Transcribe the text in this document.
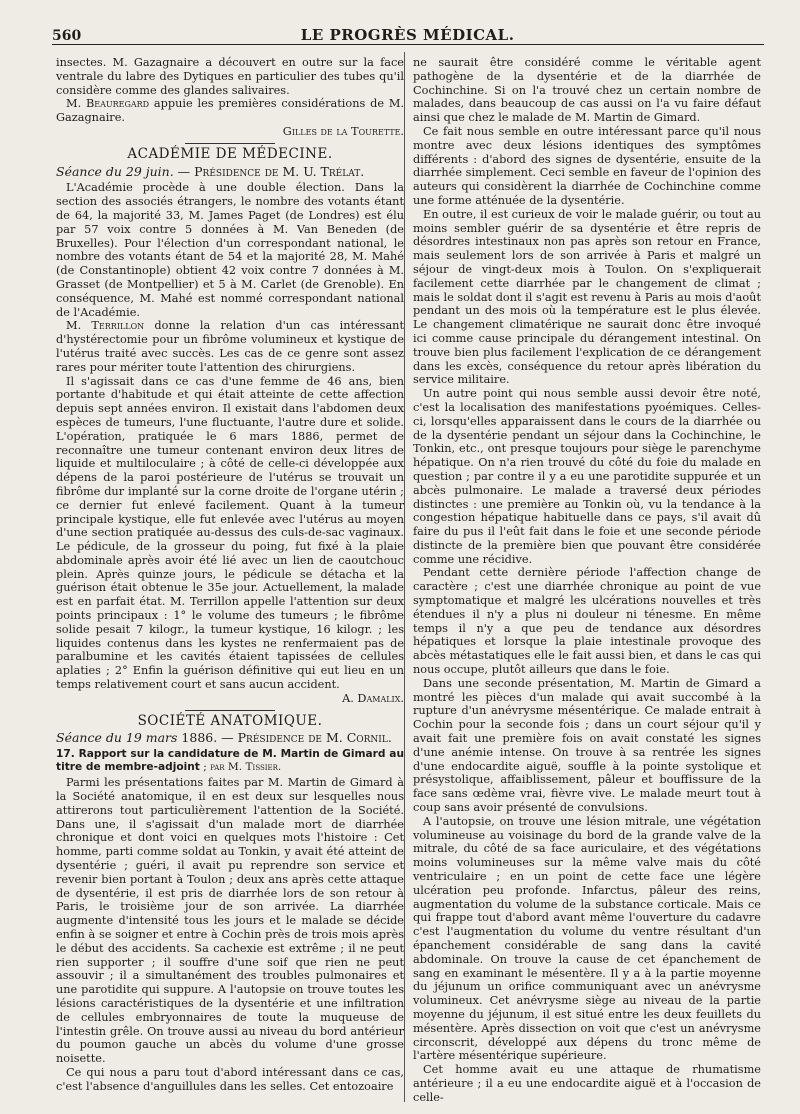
560	LE PROGRÈS MÉDICAL.

insectes. M. Gazagnaire a découvert en outre sur la face ventrale du labre des Dytiques en particulier des tubes qu'il considère comme des glandes salivaires.

M. Beauregard appuie les premières considérations de M. Gazagnaire.

Gilles de la Tourette.
ACADÉMIE DE MÉDECINE.

Séance du 29 juin. — Présidence de M. U. Trélat.

L'Académie procède à une double élection. Dans la section des associés étrangers, le nombre des votants étant de 64, la majorité 33, M. James Paget (de Londres) est élu par 57 voix contre 5 données à M. Van Beneden (de Bruxelles). Pour l'élection d'un correspondant national, le nombre des votants étant de 54 et la majorité 28, M. Mahé (de Constantinople) obtient 42 voix contre 7 données à M. Grasset (de Montpellier) et 5 à M. Carlet (de Grenoble). En conséquence, M. Mahé est nommé correspondant national de l'Académie.

M. Terrillon donne la relation d'un cas intéressant d'hystérectomie pour un fibrôme volumineux et kystique de l'utérus traité avec succès. Les cas de ce genre sont assez rares pour mériter toute l'attention des chirurgiens.

Il s'agissait dans ce cas d'une femme de 46 ans, bien portante d'habitude et qui était atteinte de cette affection depuis sept années environ. Il existait dans l'abdomen deux espèces de tumeurs, l'une fluctuante, l'autre dure et solide. L'opération, pratiquée le 6 mars 1886, permet de reconnaître une tumeur contenant environ deux litres de liquide et multiloculaire ; à côté de celle-ci développée aux dépens de la paroi postérieure de l'utérus se trouvait un fibrôme dur implanté sur la corne droite de l'organe utérin ; ce dernier fut enlevé facilement. Quant à la tumeur principale kystique, elle fut enlevée avec l'utérus au moyen d'une section pratiquée au-dessus des culs-de-sac vaginaux. Le pédicule, de la grosseur du poing, fut fixé à la plaie abdominale après avoir été lié avec un lien de caoutchouc plein. Après quinze jours, le pédicule se détacha et la guérison était obtenue le 35e jour. Actuellement, la malade est en parfait état. M. Terrillon appelle l'attention sur deux points principaux : 1° le volume des tumeurs ; le fibrôme solide pesait 7 kilogr., la tumeur kystique, 16 kilogr. ; les liquides contenus dans les kystes ne renfermaient pas de paralbumine et les cavités étaient tapissées de cellules aplaties ; 2° Enfin la guérison définitive qui eut lieu en un temps relativement court et sans aucun accident.

A. Damalix.
SOCIÉTÉ ANATOMIQUE.

Séance du 19 mars 1886. — Présidence de M. Cornil.

17. Rapport sur la candidature de M. Martin de Gimard au titre de membre-adjoint ; par M. Tissier.

Parmi les présentations faites par M. Martin de Gimard à la Société anatomique, il en est deux sur lesquelles nous attirerons tout particulièrement l'attention de la Société. Dans une, il s'agissait d'un malade mort de diarrhée chronique et dont voici en quelques mots l'histoire : Cet homme, parti comme soldat au Tonkin, y avait été atteint de dysentérie ; guéri, il avait pu reprendre son service et revenir bien portant à Toulon ; deux ans après cette attaque de dysentérie, il est pris de diarrhée lors de son retour à Paris, le troisième jour de son arrivée. La diarrhée augmente d'intensité tous les jours et le malade se décide enfin à se soigner et entre à Cochin près de trois mois après le début des accidents. Sa cachexie est extrême ; il ne peut rien supporter ; il souffre d'une soif que rien ne peut assouvir ; il a simultanément des troubles pulmonaires et une parotidite qui suppure. A l'autopsie on trouve toutes les lésions caractéristiques de la dysentérie et une infiltration de cellules embryonnaires de toute la muqueuse de l'intestin grêle. On trouve aussi au niveau du bord antérieur du poumon gauche un abcès du volume d'une grosse noisette.

Ce qui nous a paru tout d'abord intéressant dans ce cas, c'est l'absence d'anguillules dans les selles. Cet entozoaire

ne saurait être considéré comme le véritable agent pathogène de la dysentérie et de la diarrhée de Cochinchine. Si on l'a trouvé chez un certain nombre de malades, dans beaucoup de cas aussi on l'a vu faire défaut ainsi que chez le malade de M. Martin de Gimard.

Ce fait nous semble en outre intéressant parce qu'il nous montre avec deux lésions identiques des symptômes différents : d'abord des signes de dysentérie, ensuite de la diarrhée simplement. Ceci semble en faveur de l'opinion des auteurs qui considèrent la diarrhée de Cochinchine comme une forme atténuée de la dysentérie.

En outre, il est curieux de voir le malade guérir, ou tout au moins sembler guérir de sa dysentérie et être repris de désordres intestinaux non pas après son retour en France, mais seulement lors de son arrivée à Paris et malgré un séjour de vingt-deux mois à Toulon. On s'expliquerait facilement cette diarrhée par le changement de climat ; mais le soldat dont il s'agit est revenu à Paris au mois d'août pendant un des mois où la température est le plus élevée. Le changement climatérique ne saurait donc être invoqué ici comme cause principale du dérangement intestinal. On trouve bien plus facilement l'explication de ce dérangement dans les excès, conséquence du retour après libération du service militaire.

Un autre point qui nous semble aussi devoir être noté, c'est la localisation des manifestations pyoémiques. Celles-ci, lorsqu'elles apparaissent dans le cours de la diarrhée ou de la dysentérie pendant un séjour dans la Cochinchine, le Tonkin, etc., ont presque toujours pour siège le parenchyme hépatique. On n'a rien trouvé du côté du foie du malade en question ; par contre il y a eu une parotidite suppurée et un abcès pulmonaire. Le malade a traversé deux périodes distinctes : une première au Tonkin où, vu la tendance à la congestion hépatique habituelle dans ce pays, s'il avait dû faire du pus il l'eût fait dans le foie et une seconde période distincte de la première bien que pouvant être considérée comme une récidive.

Pendant cette dernière période l'affection change de caractère ; c'est une diarrhée chronique au point de vue symptomatique et malgré les ulcérations nouvelles et très étendues il n'y a plus ni douleur ni ténesme. En même temps il n'y a que peu de tendance aux désordres hépatiques et lorsque la plaie intestinale provoque des abcès métastatiques elle le fait aussi bien, et dans le cas qui nous occupe, plutôt ailleurs que dans le foie.

Dans une seconde présentation, M. Martin de Gimard a montré les pièces d'un malade qui avait succombé à la rupture d'un anévrysme mésentérique. Ce malade entrait à Cochin pour la seconde fois ; dans un court séjour qu'il y avait fait une première fois on avait constaté les signes d'une anémie intense. On trouve à sa rentrée les signes d'une endocardite aiguë, souffle à la pointe systolique et présystolique, affaiblissement, pâleur et bouffissure de la face sans œdème vrai, fièvre vive. Le malade meurt tout à coup sans avoir présenté de convulsions.

A l'autopsie, on trouve une lésion mitrale, une végétation volumineuse au voisinage du bord de la grande valve de la mitrale, du côté de sa face auriculaire, et des végétations moins volumineuses sur la même valve mais du côté ventriculaire ; en un point de cette face une légère ulcération peu profonde. Infarctus, pâleur des reins, augmentation du volume de la substance corticale. Mais ce qui frappe tout d'abord avant même l'ouverture du cadavre c'est l'augmentation du volume du ventre résultant d'un épanchement considérable de sang dans la cavité abdominale. On trouve la cause de cet épanchement de sang en examinant le mésentère. Il y a à la partie moyenne du jéjunum un orifice communiquant avec un anévrysme volumineux. Cet anévrysme siège au niveau de la partie moyenne du jéjunum, il est situé entre les deux feuillets du mésentère. Après dissection on voit que c'est un anévrysme circonscrit, développé aux dépens du tronc même de l'artère mésentérique supérieure.

Cet homme avait eu une attaque de rhumatisme antérieure ; il a eu une endocardite aiguë et à l'occasion de celle-
